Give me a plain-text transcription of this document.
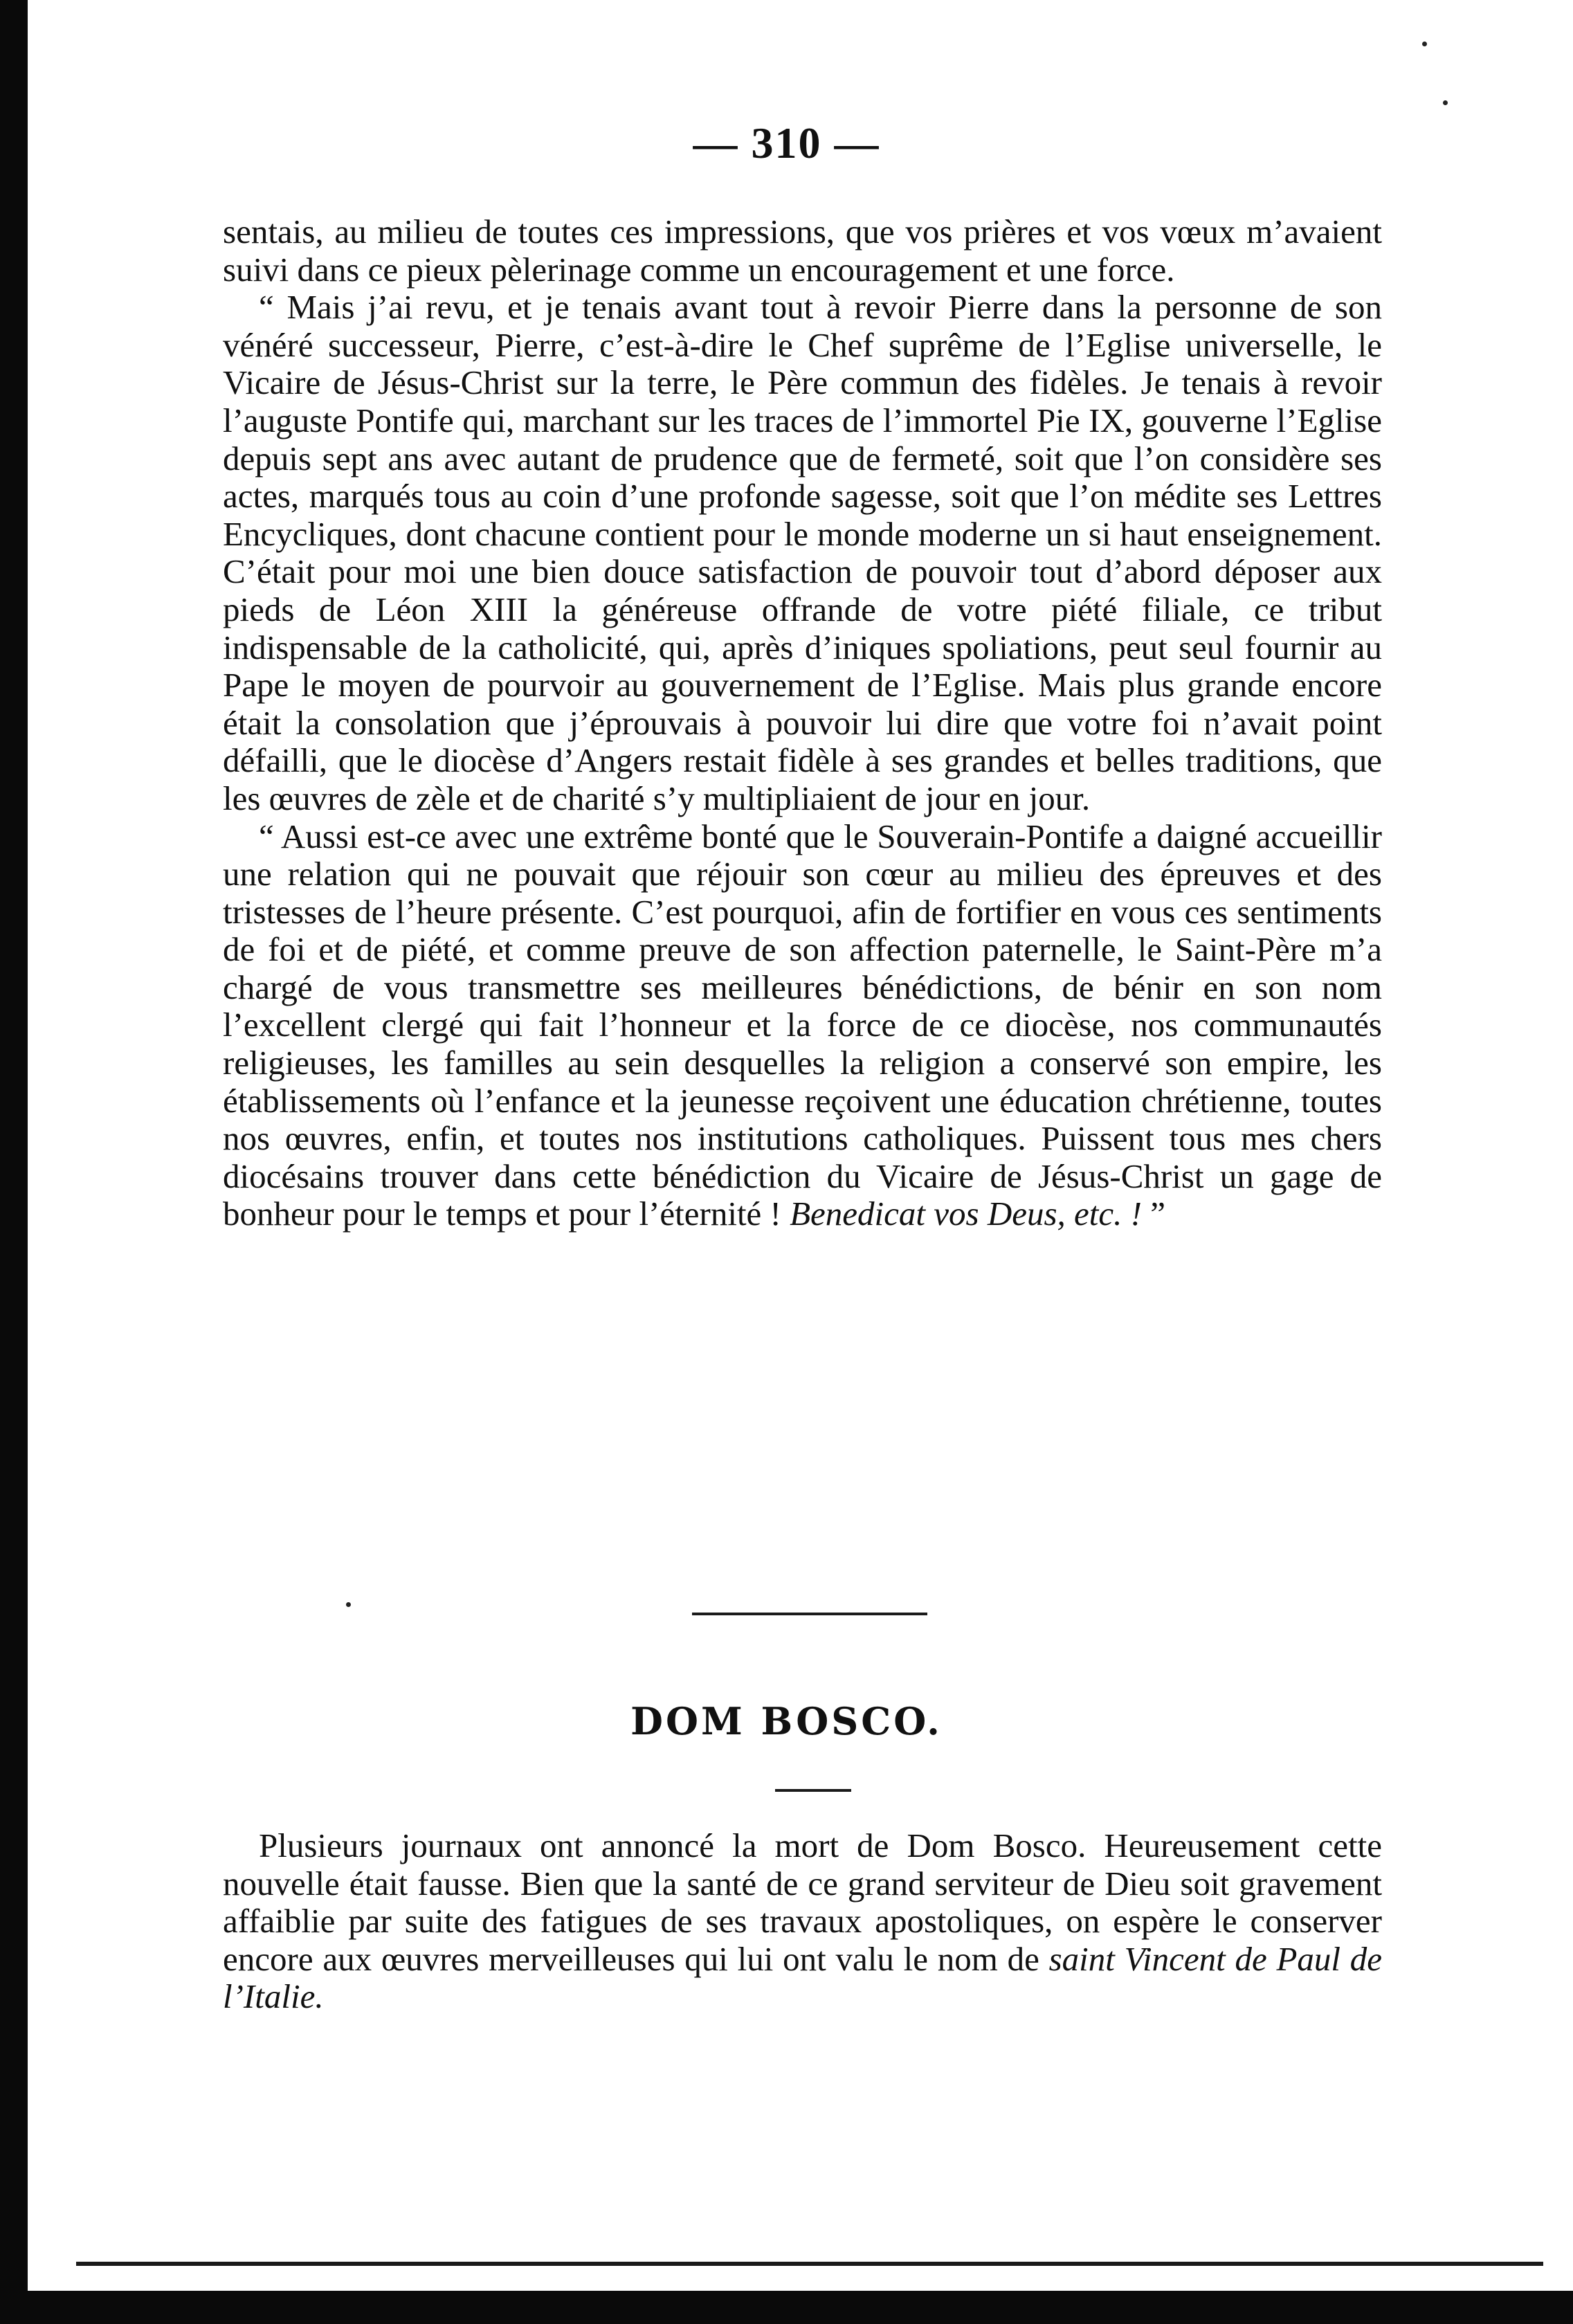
— 310 —

sentais, au milieu de toutes ces impressions, que vos prières et vos vœux m’avaient suivi dans ce pieux pèlerinage comme un encouragement et une force.

“ Mais j’ai revu, et je tenais avant tout à revoir Pierre dans la personne de son vénéré successeur, Pierre, c’est-à-dire le Chef suprême de l’Eglise universelle, le Vicaire de Jésus-Christ sur la terre, le Père commun des fidèles. Je tenais à revoir l’auguste Pontife qui, marchant sur les traces de l’immortel Pie IX, gouverne l’Eglise depuis sept ans avec autant de prudence que de fermeté, soit que l’on considère ses actes, marqués tous au coin d’une profonde sagesse, soit que l’on médite ses Lettres Encycliques, dont chacune contient pour le monde moderne un si haut enseignement. C’était pour moi une bien douce satisfaction de pouvoir tout d’abord déposer aux pieds de Léon XIII la généreuse offrande de votre piété filiale, ce tribut indispensable de la catholicité, qui, après d’iniques spoliations, peut seul fournir au Pape le moyen de pourvoir au gouvernement de l’Eglise. Mais plus grande encore était la consolation que j’éprouvais à pouvoir lui dire que votre foi n’avait point défailli, que le diocèse d’Angers restait fidèle à ses grandes et belles traditions, que les œuvres de zèle et de charité s’y multipliaient de jour en jour.

“ Aussi est-ce avec une extrême bonté que le Souverain-Pontife a daigné accueillir une relation qui ne pouvait que réjouir son cœur au milieu des épreuves et des tristesses de l’heure présente. C’est pourquoi, afin de fortifier en vous ces sentiments de foi et de piété, et comme preuve de son affection paternelle, le Saint-Père m’a chargé de vous transmettre ses meilleures bénédictions, de bénir en son nom l’excellent clergé qui fait l’honneur et la force de ce diocèse, nos communautés religieuses, les familles au sein desquelles la religion a conservé son empire, les établissements où l’enfance et la jeunesse reçoivent une éducation chrétienne, toutes nos œuvres, enfin, et toutes nos institutions catholiques. Puissent tous mes chers diocésains trouver dans cette bénédiction du Vicaire de Jésus-Christ un gage de bonheur pour le temps et pour l’éternité ! Benedicat vos Deus, etc. ! ”

DOM BOSCO.

Plusieurs journaux ont annoncé la mort de Dom Bosco. Heureusement cette nouvelle était fausse. Bien que la santé de ce grand serviteur de Dieu soit gravement affaiblie par suite des fatigues de ses travaux apostoliques, on espère le conserver encore aux œuvres merveilleuses qui lui ont valu le nom de saint Vincent de Paul de l’Italie.
